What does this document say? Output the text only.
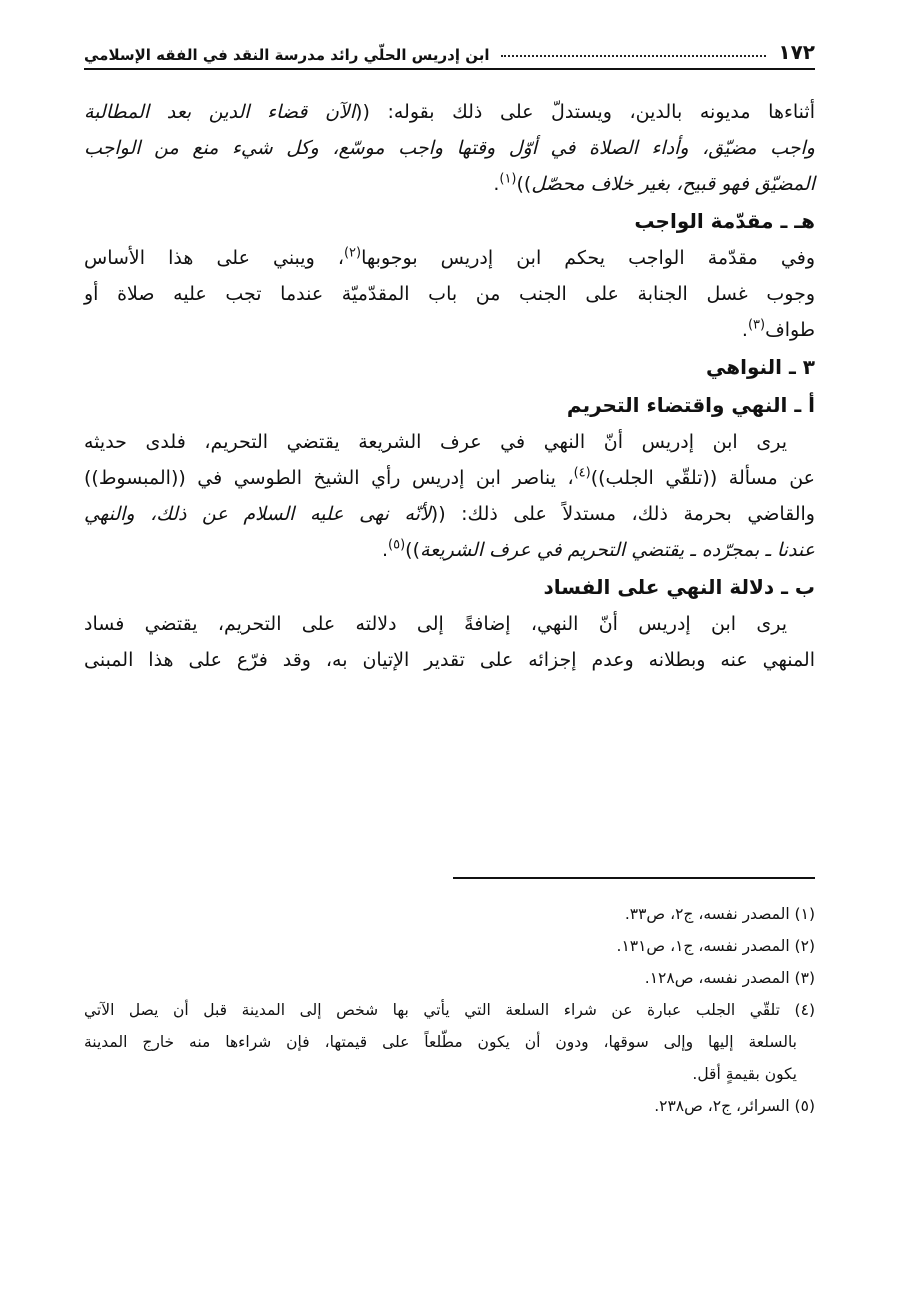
١٧٢
ابن إدريس الحلّي رائد مدرسة النقد في الفقه الإسلامي
أثناءها مديونه بالدين، ويستدلّ على ذلك بقوله: ((الآن قضاء الدين بعد المطالبة
واجب مضيّق، وأداء الصلاة في أوّل وقتها واجب موسّع، وكل شيء منع من الواجب
المضيّق فهو قبيح، بغير خلاف محصّل))$^{(١)}$.
هـ ـ مقدّمة الواجب
وفي مقدّمة الواجب يحكم ابن إدريس بوجوبها$^{(٢)}$، ويبني على هذا الأساس
وجوب غسل الجنابة على الجنب من باب المقدّميّة عندما تجب عليه صلاة أو
طواف$^{(٣)}$.
٣ ـ النواهي
أ ـ النهي واقتضاء التحريم
يرى ابن إدريس أنّ النهي في عرف الشريعة يقتضي التحريم، فلدى حديثه
عن مسألة ((تلقّي الجلب))$^{(٤)}$، يناصر ابن إدريس رأي الشيخ الطوسي في ((المبسوط))
والقاضي بحرمة ذلك، مستدلاً على ذلك: ((لأنّه نهى عليه السلام عن ذلك، والنهي
عندنا ـ بمجرّده ـ يقتضي التحريم في عرف الشريعة))$^{(٥)}$.
ب ـ دلالة النهي على الفساد
يرى ابن إدريس أنّ النهي، إضافةً إلى دلالته على التحريم، يقتضي فساد
المنهي عنه وبطلانه وعدم إجزائه على تقدير الإتيان به، وقد فرّع على هذا المبنى
(١) المصدر نفسه، ج٢، ص٣٣.
(٢) المصدر نفسه، ج١، ص١٣١.
(٣) المصدر نفسه، ص١٢٨.
(٤) تلقّي الجلب عبارة عن شراء السلعة التي يأتي بها شخص إلى المدينة قبل أن يصل الآتي
بالسلعة إليها وإلى سوقها، ودون أن يكون مطّلعاً على قيمتها، فإن شراءها منه خارج المدينة
يكون بقيمةٍ أقل.
(٥) السرائر، ج٢، ص٢٣٨.
